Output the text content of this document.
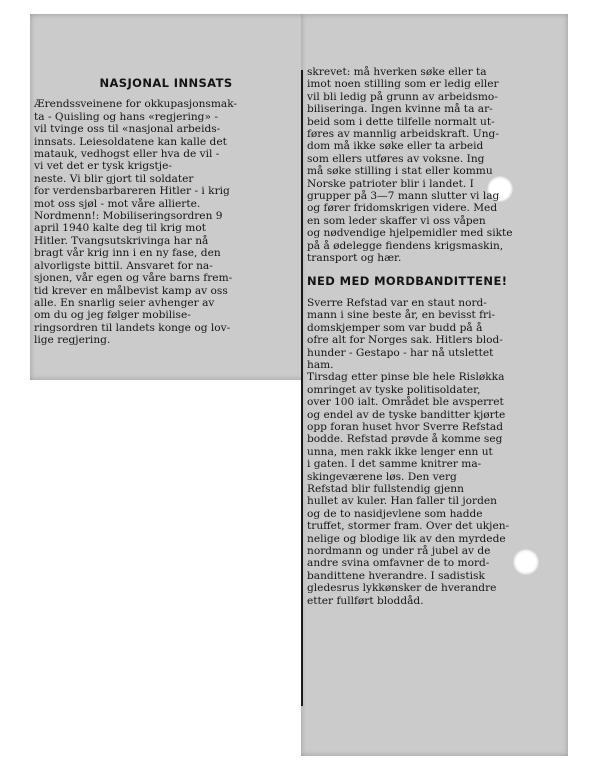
NASJONAL INNSATS
Ærendssveinene for okkupasjonsmak-
ta - Quisling og hans «regjering» -
vil tvinge oss til «nasjonal arbeids-
innsats. Leiesoldatene kan kalle det
matauk, vedhogst eller hva de vil -
vi vet det er tysk krigstje-
neste. Vi blir gjort til soldater
for verdensbarbareren Hitler - i krig
mot oss sjøl - mot våre allierte.
Nordmenn!: Mobiliseringsordren 9
april 1940 kalte deg til krig mot
Hitler. Tvangsutskrivinga har nå
bragt vår krig inn i en ny fase, den
alvorligste bittil. Ansvaret for na-
sjonen, vår egen og våre barns frem-
tid krever en målbevist kamp av oss
alle. En snarlig seier avhenger av
om du og jeg følger mobilise-
ringsordren til landets konge og lov-
lige regjering.
skrevet: må hverken søke eller ta
imot noen stilling som er ledig eller
vil bli ledig på grunn av arbeidsmo-
biliseringa. Ingen kvinne må ta ar-
beid som i dette tilfelle normalt ut-
føres av mannlig arbeidskraft. Ung-
dom må ikke søke eller ta arbeid
som ellers utføres av voksne. Ing
må søke stilling i stat eller kommu
Norske patrioter blir i landet. I
grupper på 3—7 mann slutter vi lag
og fører fridomskrigen videre. Med
en som leder skaffer vi oss våpen
og nødvendige hjelpemidler med sikte
på å ødelegge fiendens krigsmaskin,
transport og hær.
NED MED MORDBANDITTENE!
Sverre Refstad var en staut nord-
mann i sine beste år, en bevisst fri-
domskjemper som var budd på å
ofre alt for Norges sak. Hitlers blod-
hunder - Gestapo - har nå utslettet
ham.
Tirsdag etter pinse ble hele Risløkka
omringet av tyske politisoldater,
over 100 ialt. Området ble avsperret
og endel av de tyske banditter kjørte
opp foran huset hvor Sverre Refstad
bodde. Refstad prøvde å komme seg
unna, men rakk ikke lenger enn ut
i gaten. I det samme knitrer ma-
skingeværene løs. Den verg
Refstad blir fullstendig gjenn
hullet av kuler. Han faller til jorden
og de to nasidjevlene som hadde
truffet, stormer fram. Over det ukjen-
nelige og blodige lik av den myrdede
nordmann og under rå jubel av de
andre svina omfavner de to mord-
bandittene hverandre. I sadistisk
gledesrus lykkønsker de hverandre
etter fullført bloddåd.
